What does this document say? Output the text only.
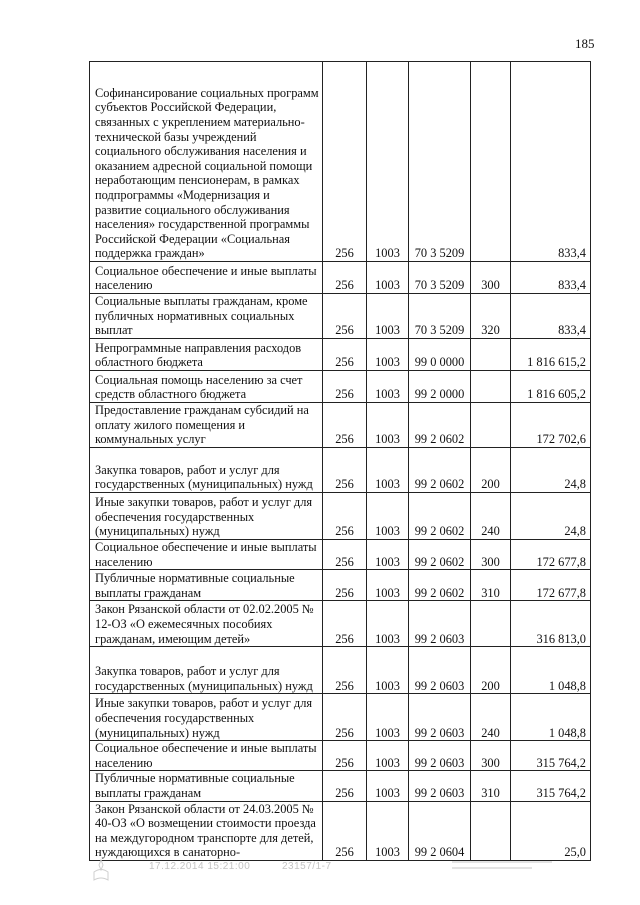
185
Софинансирование социальных программ субъектов Российской Федерации, связанных с укреплением материально-технической базы учреждений социального обслуживания населения и оказанием адресной социальной помощи неработающим пенсионерам, в рамках подпрограммы «Модернизация и развитие социального обслуживания населения» государственной программы Российской Федерации «Социальная поддержка граждан»	256	1003	70 3 5209		833,4
Социальное обеспечение и иные выплаты населению	256	1003	70 3 5209	300	833,4
Социальные выплаты гражданам, кроме публичных нормативных социальных выплат	256	1003	70 3 5209	320	833,4
Непрограммные направления расходов областного бюджета	256	1003	99 0 0000		1 816 615,2
Социальная помощь населению за счет средств областного бюджета	256	1003	99 2 0000		1 816 605,2
Предоставление гражданам субсидий на оплату жилого помещения и коммунальных услуг	256	1003	99 2 0602		172 702,6
Закупка товаров, работ и услуг для государственных (муниципальных) нужд	256	1003	99 2 0602	200	24,8
Иные закупки товаров, работ и услуг для обеспечения государственных (муниципальных) нужд	256	1003	99 2 0602	240	24,8
Социальное обеспечение и иные выплаты населению	256	1003	99 2 0602	300	172 677,8
Публичные нормативные социальные выплаты гражданам	256	1003	99 2 0602	310	172 677,8
Закон Рязанской области от 02.02.2005 № 12-ОЗ «О ежемесячных пособиях гражданам, имеющим детей»	256	1003	99 2 0603		316 813,0
Закупка товаров, работ и услуг для государственных (муниципальных) нужд	256	1003	99 2 0603	200	1 048,8
Иные закупки товаров, работ и услуг для обеспечения государственных (муниципальных) нужд	256	1003	99 2 0603	240	1 048,8
Социальное обеспечение и иные выплаты населению	256	1003	99 2 0603	300	315 764,2
Публичные нормативные социальные выплаты гражданам	256	1003	99 2 0603	310	315 764,2
Закон Рязанской области от 24.03.2005 № 40-ОЗ «О возмещении стоимости проезда на междугородном транспорте для детей, нуждающихся в санаторно-	256	1003	99 2 0604		25,0
17.12.2014 15:21:00	23157/1-7
